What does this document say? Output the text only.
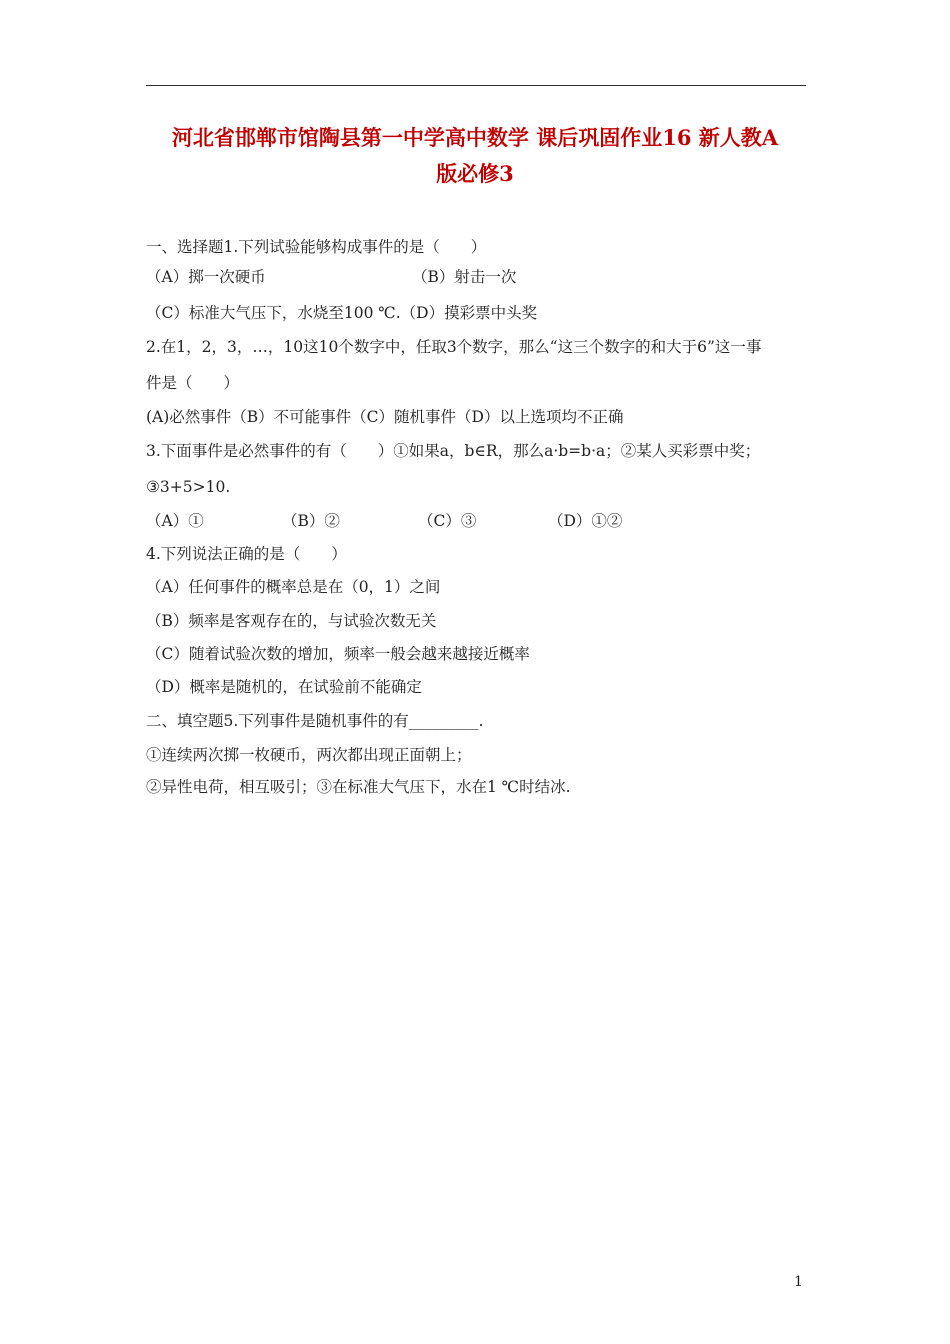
河北省邯郸市馆陶县第一中学高中数学 课后巩固作业16 新人教A
版必修3
一、选择题1.下列试验能够构成事件的是（　　）
（A）掷一次硬币	（B）射击一次
（C）标准大气压下，水烧至100 ℃.（D）摸彩票中头奖
2.在1，2，3，…，10这10个数字中，任取3个数字，那么“这三个数字的和大于6”这一事
件是（　　）
(A)必然事件（B）不可能事件（C）随机事件（D）以上选项均不正确
3.下面事件是必然事件的有（　　）①如果a，b∈R，那么a·b=b·a；②某人买彩票中奖；
③3+5>10.
（A）①	（B）②	（C）③	（D）①②
4.下列说法正确的是（　　）
（A）任何事件的概率总是在（0，1）之间
（B）频率是客观存在的，与试验次数无关
（C）随着试验次数的增加，频率一般会越来越接近概率
（D）概率是随机的，在试验前不能确定
二、填空题5.下列事件是随机事件的有_________.
①连续两次掷一枚硬币，两次都出现正面朝上；
②异性电荷，相互吸引；③在标准大气压下，水在1 ℃时结冰.
1
